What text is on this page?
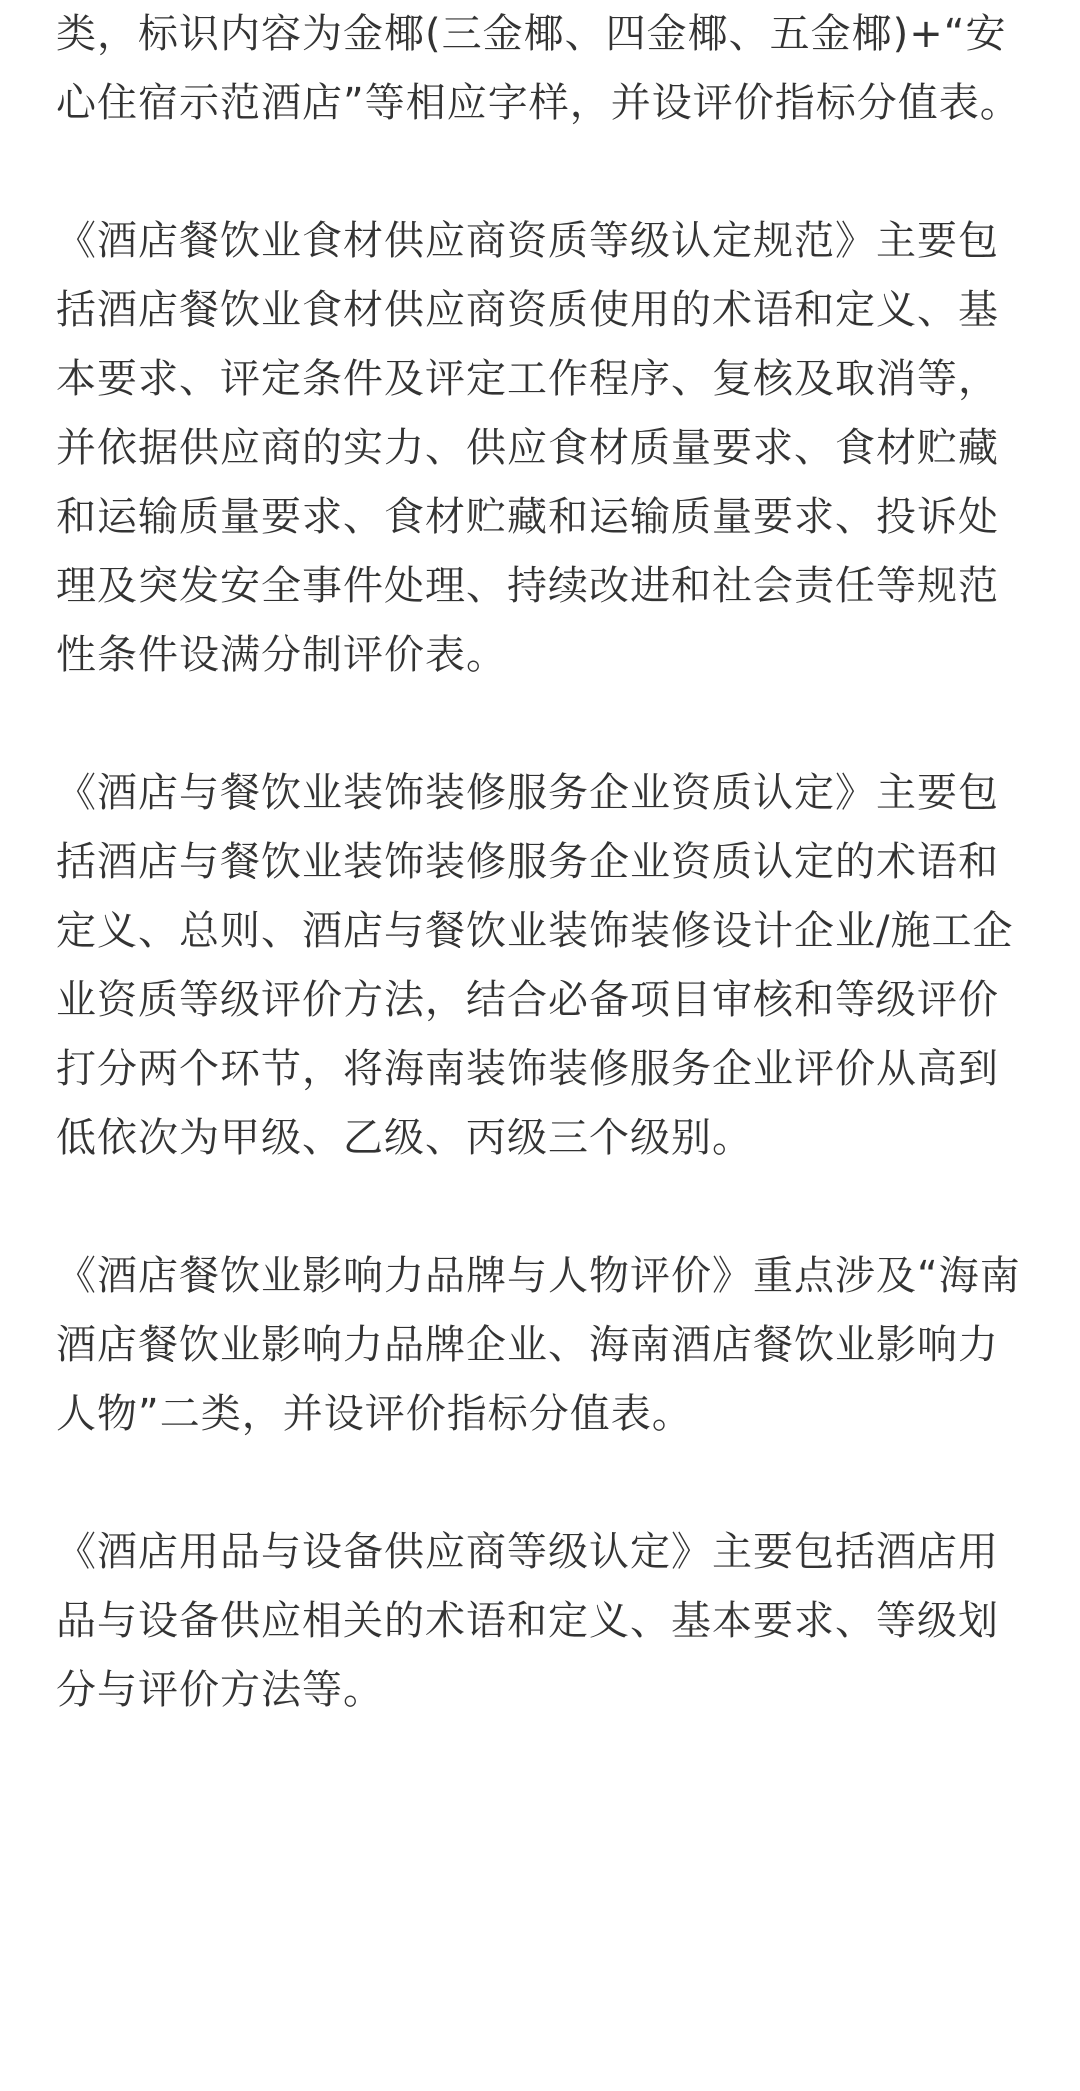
类，标识内容为金椰(三金椰、四金椰、五金椰)+“安心住宿示范酒店”等相应字样，并设评价指标分值表。

《酒店餐饮业食材供应商资质等级认定规范》主要包括酒店餐饮业食材供应商资质使用的术语和定义、基本要求、评定条件及评定工作程序、复核及取消等，并依据供应商的实力、供应食材质量要求、食材贮藏和运输质量要求、食材贮藏和运输质量要求、投诉处理及突发安全事件处理、持续改进和社会责任等规范性条件设满分制评价表。

《酒店与餐饮业装饰装修服务企业资质认定》主要包括酒店与餐饮业装饰装修服务企业资质认定的术语和定义、总则、酒店与餐饮业装饰装修设计企业/施工企业资质等级评价方法，结合必备项目审核和等级评价打分两个环节，将海南装饰装修服务企业评价从高到低依次为甲级、乙级、丙级三个级别。

《酒店餐饮业影响力品牌与人物评价》重点涉及“海南酒店餐饮业影响力品牌企业、海南酒店餐饮业影响力人物”二类，并设评价指标分值表。

《酒店用品与设备供应商等级认定》主要包括酒店用品与设备供应相关的术语和定义、基本要求、等级划分与评价方法等。
